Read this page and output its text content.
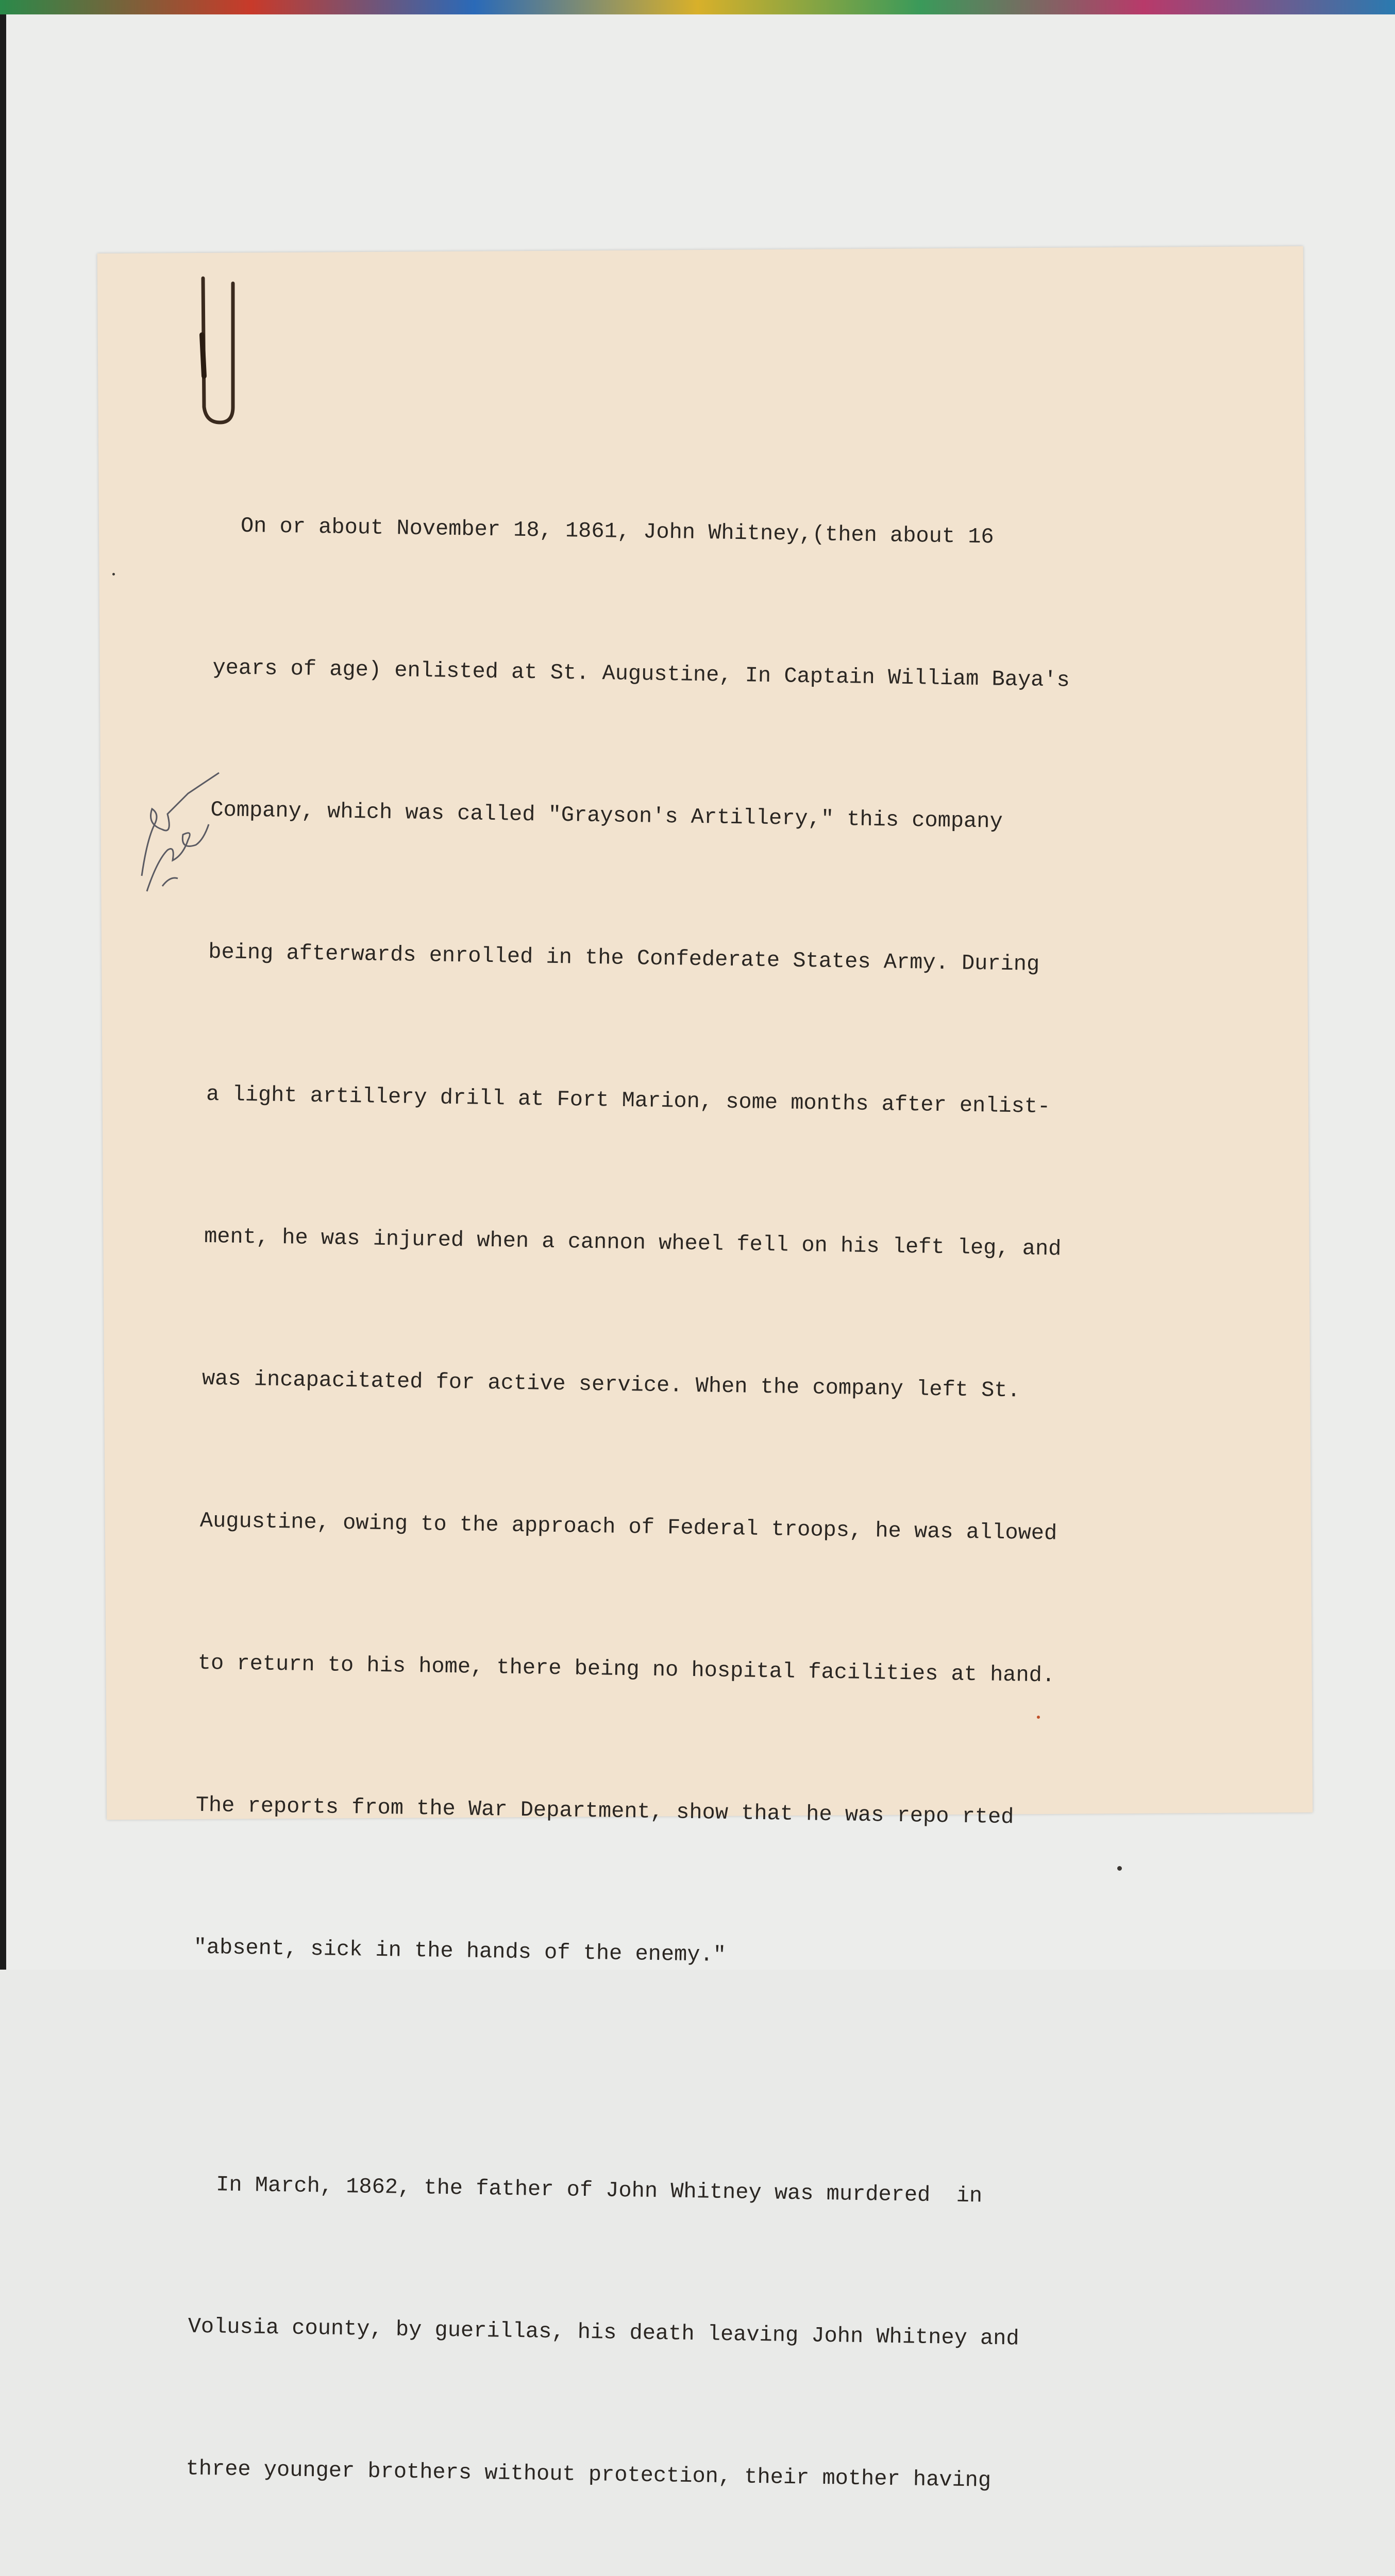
On or about November 18, 1861, John Whitney,(then about 16

years of age) enlisted at St. Augustine, In Captain William Baya's

Company, which was called "Grayson's Artillery," this company

being afterwards enrolled in the Confederate States Army. During

a light artillery drill at Fort Marion, some months after enlist-

ment, he was injured when a cannon wheel fell on his left leg, and

was incapacitated for active service. When the company left St.

Augustine, owing to the approach of Federal troops, he was allowed

to return to his home, there being no hospital facilities at hand.

The reports from the War Department, show that he was repo rted

"absent, sick in the hands of the enemy."

In March, 1862, the father of John Whitney was murdered  in

Volusia county, by guerillas, his death leaving John Whitney and

three younger brothers without protection, their mother having
